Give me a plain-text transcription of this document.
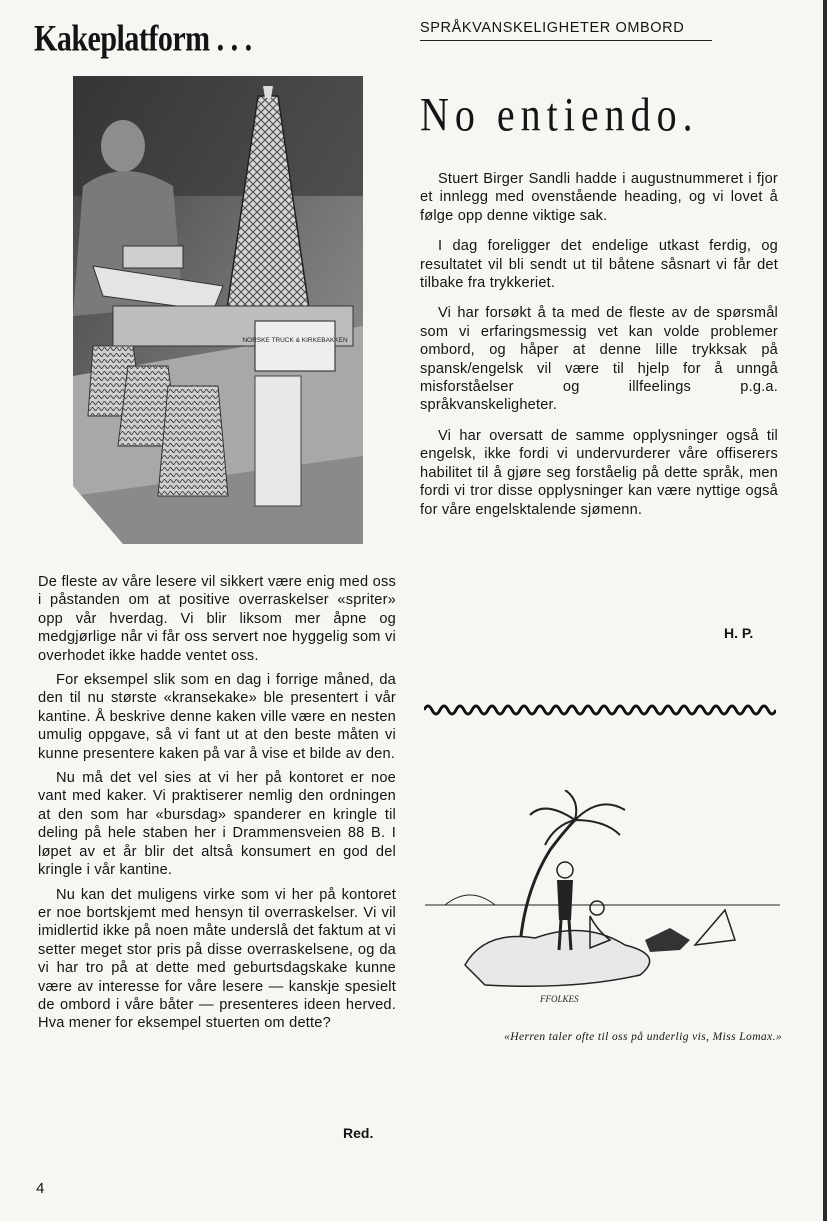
Kakeplatform . . .	SPRÅKVANSKELIGHETER OMBORD
No entiendo.
NORSKE TRUCK & KIRKEBAKKEN

De fleste av våre lesere vil sikkert være enig med oss i påstanden om at positive overraskelser «spriter» opp vår hverdag. Vi blir liksom mer åpne og medgjørlige når vi får oss servert noe hyggelig som vi overhodet ikke hadde ventet oss.

For eksempel slik som en dag i forrige måned, da den til nu største «kransekake» ble presentert i vår kantine. Å beskrive denne kaken ville være en nesten umulig oppgave, så vi fant ut at den beste måten vi kunne presentere kaken på var å vise et bilde av den.

Nu må det vel sies at vi her på kontoret er noe vant med kaker. Vi praktiserer nemlig den ordningen at den som har «bursdag» spanderer en kringle til deling på hele staben her i Drammensveien 88 B. I løpet av et år blir det altså konsumert en god del kringle i vår kantine.

Nu kan det muligens virke som vi her på kontoret er noe bortskjemt med hensyn til overraskelser. Vi vil imidlertid ikke på noen måte underslå det faktum at vi setter meget stor pris på disse overraskelsene, og da vi har tro på at dette med geburtsdagskake kunne være av interesse for våre lesere — kanskje spesielt de ombord i våre båter — presenteres ideen herved. Hva mener for eksempel stuerten om dette?

Red.

Stuert Birger Sandli hadde i augustnummeret i fjor et innlegg med ovenstående heading, og vi lovet å følge opp denne viktige sak.

I dag foreligger det endelige utkast ferdig, og resultatet vil bli sendt ut til båtene såsnart vi får det tilbake fra trykkeriet.

Vi har forsøkt å ta med de fleste av de spørsmål som vi erfaringsmessig vet kan volde problemer ombord, og håper at denne lille trykksak på spansk/engelsk vil være til hjelp for å unngå misforståelser og illfeelings p.g.a. språkvanskeligheter.

Vi har oversatt de samme opplysninger også til engelsk, ikke fordi vi undervurderer våre offiserers habilitet til å gjøre seg forståelig på dette språk, men fordi vi tror disse opplysninger kan være nyttige også for våre engelsktalende sjømenn.

H. P.
FFOLKES
«Herren taler ofte til oss på underlig vis, Miss Lomax.»
4
